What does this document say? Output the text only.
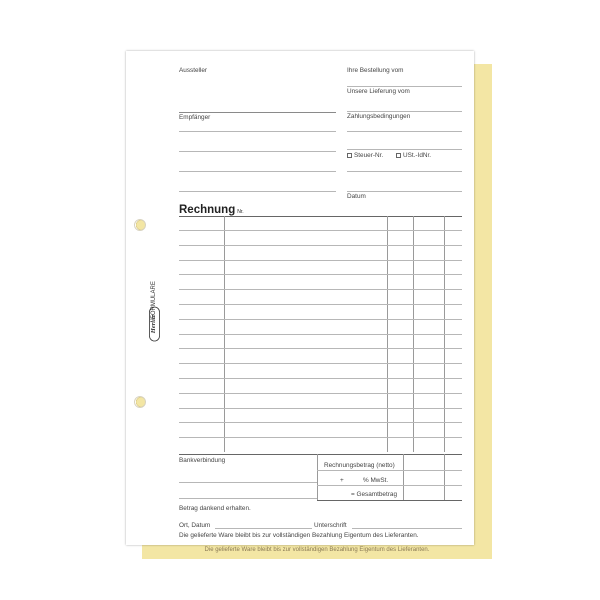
Die gelieferte Ware bleibt bis zur vollständigen Bezahlung Eigentum des Lieferanten.
Aussteller
Empfänger
Ihre Bestellung vom
Unsere Lieferung vom
Zahlungsbedingungen
Steuer-Nr.	USt.-IdNr.
Datum
Rechnung Nr.
Bankverbindung
Rechnungsbetrag (netto)
+	% MwSt.
= Gesamtbetrag
Betrag dankend erhalten.
Ort, Datum	Unterschrift
Die gelieferte Ware bleibt bis zur vollständigen Bezahlung Eigentum des Lieferanten.
FORMULARE
Herlitz
